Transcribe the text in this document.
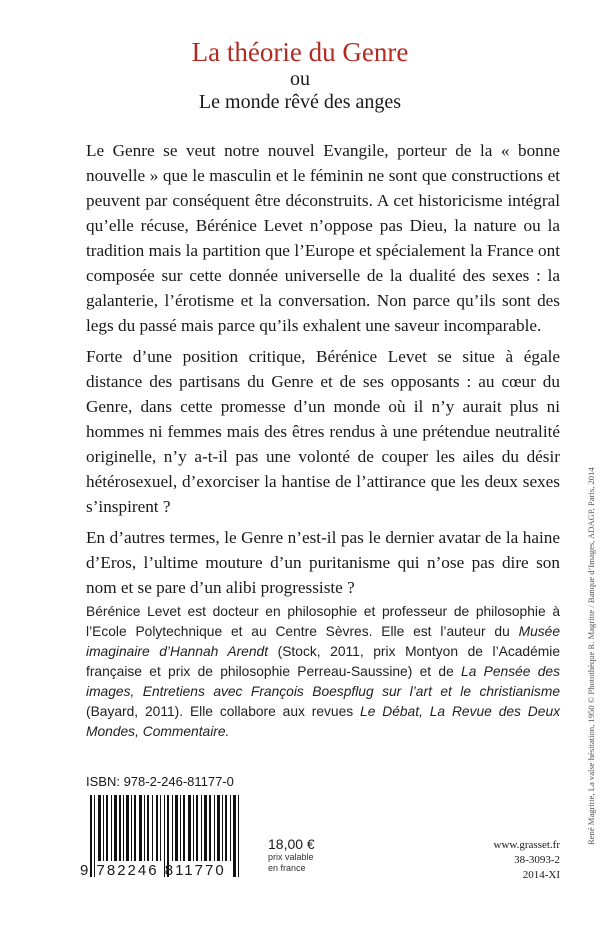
La théorie du Genre
ou
Le monde rêvé des anges

Le Genre se veut notre nouvel Evangile, porteur de la « bonne nouvelle » que le masculin et le féminin ne sont que constructions et peuvent par conséquent être déconstruits. A cet historicisme intégral qu’elle récuse, Bérénice Levet n’oppose pas Dieu, la nature ou la tradition mais la partition que l’Europe et spécialement la France ont composée sur cette donnée universelle de la dualité des sexes : la galanterie, l’érotisme et la conversation. Non parce qu’ils sont des legs du passé mais parce qu’ils exhalent une saveur incomparable.

Forte d’une position critique, Bérénice Levet se situe à égale distance des partisans du Genre et de ses opposants : au cœur du Genre, dans cette promesse d’un monde où il n’y aurait plus ni hommes ni femmes mais des êtres rendus à une prétendue neutralité originelle, n’y a-t-il pas une volonté de couper les ailes du désir hétérosexuel, d’exorciser la hantise de l’attirance que les deux sexes s’inspirent ?

En d’autres termes, le Genre n’est-il pas le dernier avatar de la haine d’Eros, l’ultime mouture d’un puritanisme qui n’ose pas dire son nom et se pare d’un alibi progressiste ?

Bérénice Levet est docteur en philosophie et professeur de philosophie à l’Ecole Polytechnique et au Centre Sèvres. Elle est l’auteur du Musée imaginaire d’Hannah Arendt (Stock, 2011, prix Montyon de l’Académie française et prix de philosophie Perreau-Saussine) et de La Pensée des images, Entretiens avec François Boespflug sur l’art et le christianisme (Bayard, 2011). Elle collabore aux revues Le Débat, La Revue des Deux Mondes, Commentaire.
ISBN: 978-2-246-81177-0
9 782246 811770
18,00 €
prix valable
en france
www.grasset.fr
38-3093-2
2014-XI
René Magritte, La valse hésitation, 1950 © Photothèque R. Magritte / Banque d’Images, ADAGP, Paris, 2014
